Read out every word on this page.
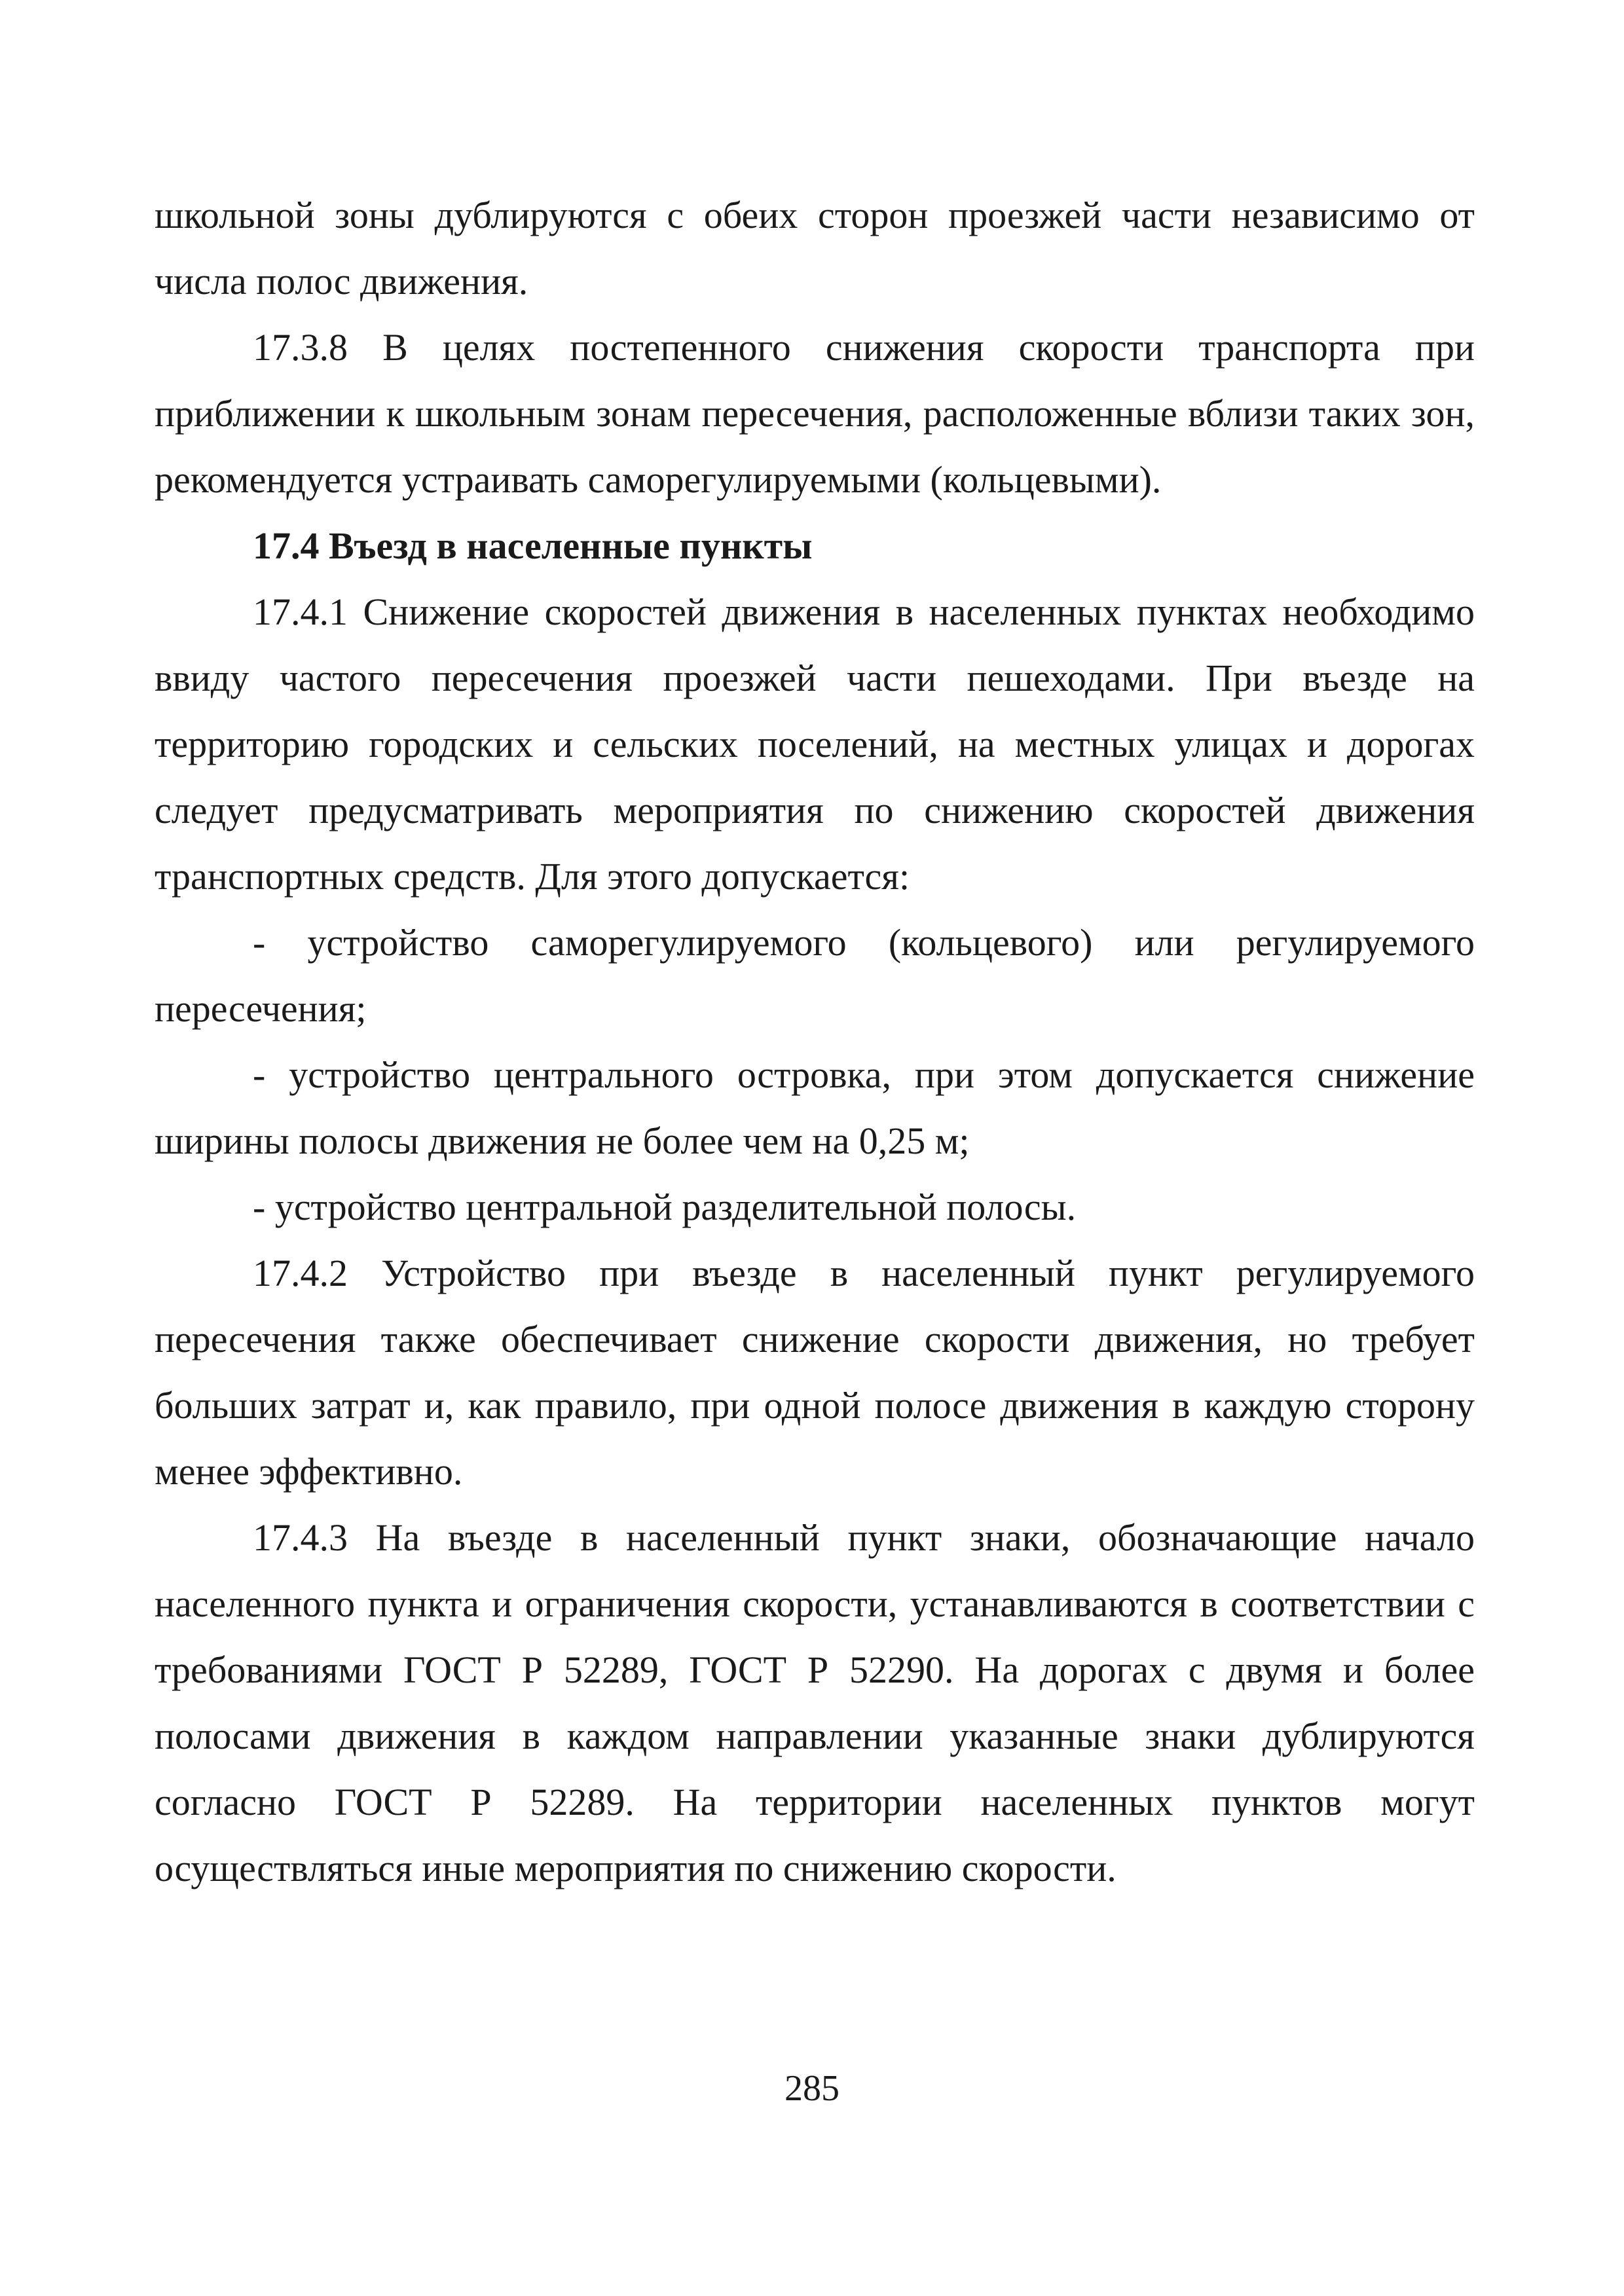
школьной зоны дублируются с обеих сторон проезжей части независимо от числа полос движения.

17.3.8 В целях постепенного снижения скорости транспорта при приближении к школьным зонам пересечения, расположенные вблизи таких зон, рекомендуется устраивать саморегулируемыми (кольцевыми).

17.4 Въезд в населенные пункты

17.4.1 Снижение скоростей движения в населенных пунктах необходимо ввиду частого пересечения проезжей части пешеходами. При въезде на территорию городских и сельских поселений, на местных улицах и дорогах следует предусматривать мероприятия по снижению скоростей движения транспортных средств. Для этого допускается:

- устройство саморегулируемого (кольцевого) или регулируемого пересечения;

- устройство центрального островка, при этом допускается снижение ширины полосы движения не более чем на 0,25 м;

- устройство центральной разделительной полосы.

17.4.2 Устройство при въезде в населенный пункт регулируемого пересечения также обеспечивает снижение скорости движения, но требует больших затрат и, как правило, при одной полосе движения в каждую сторону менее эффективно.

17.4.3 На въезде в населенный пункт знаки, обозначающие начало населенного пункта и ограничения скорости, устанавливаются в соответствии с требованиями ГОСТ Р 52289, ГОСТ Р 52290. На дорогах с двумя и более полосами движения в каждом направлении указанные знаки дублируются согласно ГОСТ Р 52289. На территории населенных пунктов могут осуществляться иные мероприятия по снижению скорости.

285
